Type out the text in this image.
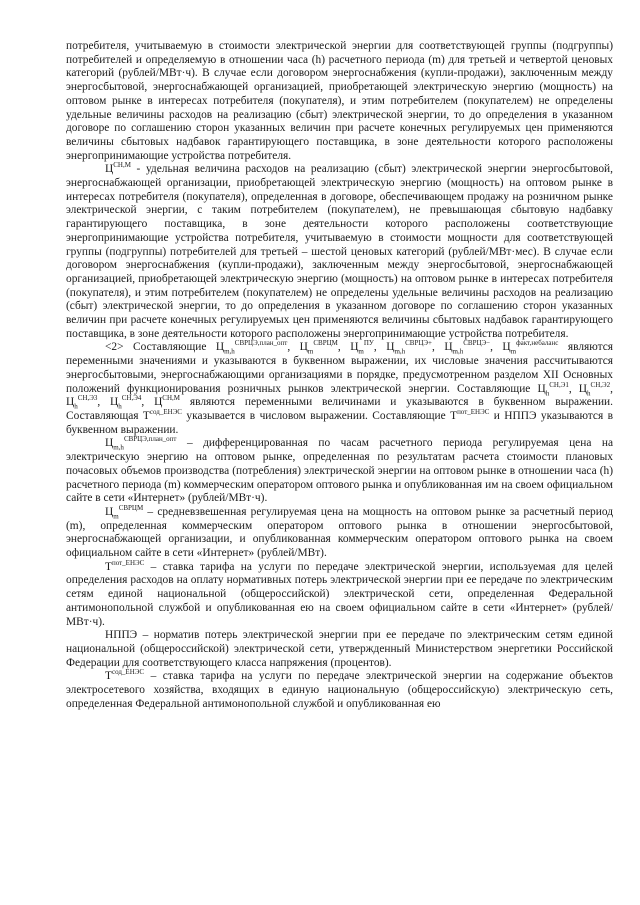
потребителя, учитываемую в стоимости электрической энергии для соответствующей группы (подгруппы) потребителей и определяемую в отношении часа (h) расчетного периода (m) для третьей и четвертой ценовых категорий (рублей/МВт·ч). В случае если договором энергоснабжения (купли-продажи), заключенным между энергосбытовой, энергоснабжающей организацией, приобретающей электрическую энергию (мощность) на оптовом рынке в интересах потребителя (покупателя), и этим потребителем (покупателем) не определены удельные величины расходов на реализацию (сбыт) электрической энергии, то до определения в указанном договоре по соглашению сторон указанных величин при расчете конечных регулируемых цен применяются величины сбытовых надбавок гарантирующего поставщика, в зоне деятельности которого расположены энергопринимающие устройства потребителя.

$Ц^{СН,М}$ - удельная величина расходов на реализацию (сбыт) электрической энергии энергосбытовой, энергоснабжающей организации, приобретающей электрическую энергию (мощность) на оптовом рынке в интересах потребителя (покупателя), определенная в договоре, обеспечивающем продажу на розничном рынке электрической энергии, с таким потребителем (покупателем), не превышающая сбытовую надбавку гарантирующего поставщика, в зоне деятельности которого расположены соответствующие энергопринимающие устройства потребителя, учитываемую в стоимости мощности для соответствующей группы (подгруппы) потребителей для третьей – шестой ценовых категорий (рублей/МВт·мес). В случае если договором энергоснабжения (купли-продажи), заключенным между энергосбытовой, энергоснабжающей организацией, приобретающей электрическую энергию (мощность) на оптовом рынке в интересах потребителя (покупателя), и этим потребителем (покупателем) не определены удельные величины расходов на реализацию (сбыт) электрической энергии, то до определения в указанном договоре по соглашению сторон указанных величин при расчете конечных регулируемых цен применяются величины сбытовых надбавок гарантирующего поставщика, в зоне деятельности которого расположены энергопринимающие устройства потребителя.

<2> Составляющие $Ц_{m,h}^{СВРЦЭ,план\_опт}$, $Ц_m^{СВРЦМ}$, $Ц_m^{ПУ}$, $Ц_{m,h}^{СВРЦЭ+}$, $Ц_{m,h}^{СВРЦЭ-}$, $Ц_m^{факт,небаланс}$ являются переменными значениями и указываются в буквенном выражении, их числовые значения рассчитываются энергосбытовыми, энергоснабжающими организациями в порядке, предусмотренном разделом XII Основных положений функционирования розничных рынков электрической энергии. Составляющие $Ц_h^{СН,Э1}$, $Ц_h^{СН,Э2}$, $Ц_h^{СН,Э3}$, $Ц_h^{СН,Э4}$, $Ц^{СН,М}$ являются переменными величинами и указываются в буквенном выражении. Составляющая $Т^{сод\_ЕНЭС}$ указывается в числовом выражении. Составляющие $Т^{пот\_ЕНЭС}$ и НППЭ указываются в буквенном выражении.

$Ц_{m,h}^{СВРЦЭ,план\_опт}$ – дифференцированная по часам расчетного периода регулируемая цена на электрическую энергию на оптовом рынке, определенная по результатам расчета стоимости плановых почасовых объемов производства (потребления) электрической энергии на оптовом рынке в отношении часа (h) расчетного периода (m) коммерческим оператором оптового рынка и опубликованная им на своем официальном сайте в сети «Интернет» (рублей/МВт·ч).

$Ц_m^{СВРЦМ}$ – средневзвешенная регулируемая цена на мощность на оптовом рынке за расчетный период (m), определенная коммерческим оператором оптового рынка в отношении энергосбытовой, энергоснабжающей организации, и опубликованная коммерческим оператором оптового рынка на своем официальном сайте в сети «Интернет» (рублей/МВт).

$Т^{пот\_ЕНЭС}$ – ставка тарифа на услуги по передаче электрической энергии, используемая для целей определения расходов на оплату нормативных потерь электрической энергии при ее передаче по электрическим сетям единой национальной (общероссийской) электрической сети, определенная Федеральной антимонопольной службой и опубликованная ею на своем официальном сайте в сети «Интернет» (рублей/МВт·ч).

НППЭ – норматив потерь электрической энергии при ее передаче по электрическим сетям единой национальной (общероссийской) электрической сети, утвержденный Министерством энергетики Российской Федерации для соответствующего класса напряжения (процентов).

$Т^{сод\_ЕНЭС}$ – ставка тарифа на услуги по передаче электрической энергии на содержание объектов электросетевого хозяйства, входящих в единую национальную (общероссийскую) электрическую сеть, определенная Федеральной антимонопольной службой и опубликованная ею
